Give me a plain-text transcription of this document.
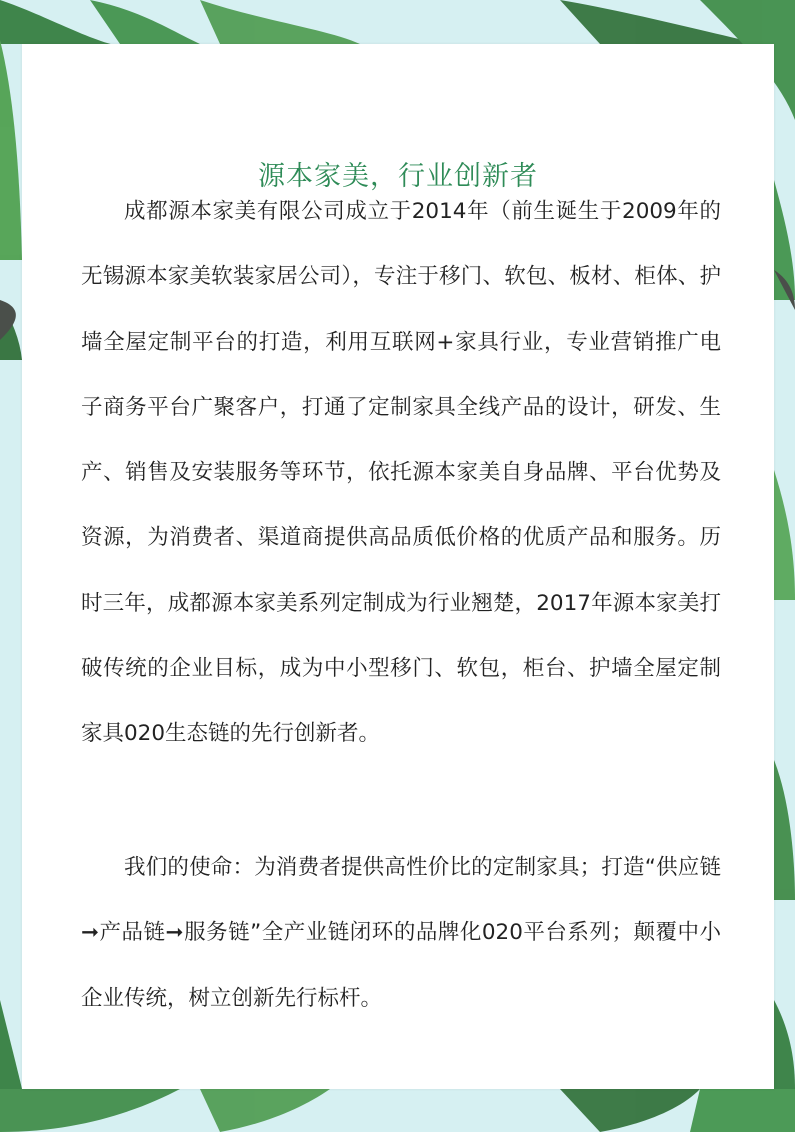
源本家美，行业创新者

成都源本家美有限公司成立于2014年（前生诞生于2009年的无锡源本家美软装家居公司），专注于移门、软包、板材、柜体、护墙全屋定制平台的打造，利用互联网+家具行业，专业营销推广电子商务平台广聚客户，打通了定制家具全线产品的设计，研发、生产、销售及安装服务等环节，依托源本家美自身品牌、平台优势及资源，为消费者、渠道商提供高品质低价格的优质产品和服务。历时三年，成都源本家美系列定制成为行业翘楚，2017年源本家美打破传统的企业目标，成为中小型移门、软包，柜台、护墙全屋定制家具020生态链的先行创新者。

我们的使命：为消费者提供高性价比的定制家具；打造“供应链➞产品链➞服务链”全产业链闭环的品牌化020平台系列；颠覆中小企业传统，树立创新先行标杆。
